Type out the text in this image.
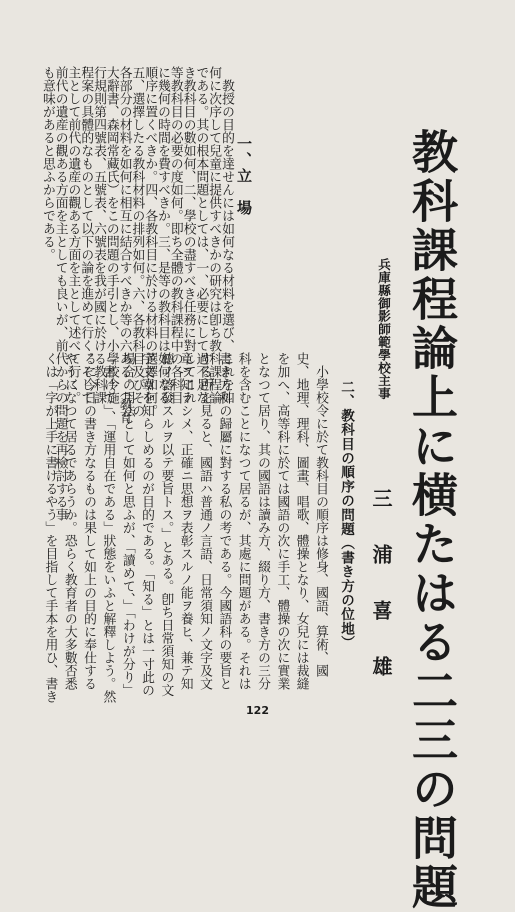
教科課程論上に横たはる二三の問題
兵庫縣御影師範學校主事
三浦喜雄
一、立　場
　教授の目的を達せんには如何なる材料を選び、これを如
何に次序して兒童に提供すべきかの研究は卽ち教科課程論
である。其の根本問題としては、一、必要にして過不足な
き教科目の數如何、二、學校の盡すべき任務に對してこれ
等教科目の必要の度如何。即ち全體の教科課程中の各科目
に幾何の時間を費すべきか。三、是等の教科目は如何なる
順序に置くべきか。四、各教科目に於ける材料の選擇如何。
五、選擇したる教科材料の排列如何。六、各教科目及びその
各部分の材料を如何に相互に結合すべきか等の六ある。（敎育
大辭書、森岡常藏氏）をこの問題の手引とし、小學校令施
行規則第四號表、五號表、六號表を我が國に於ける教科課
程案の具體的なものとして以下の論を進めて行く。そして
主として前代の遺産の觀ある方面を主として述べて行く。
前代の遺産の觀ある方面を主としても良いが、前代からの問題を再檢討する事
も意味があると思ふからである。
二、教科目の順序の問題（書き方の位地）
　小學校令に於て教科目の順序は修身、國語、算術、國
史、地理、理科、圖畫、唱歌、體操となり、女兒には裁縫
を加へ、高等科に於ては國語の次に手工、體操の次に實業
となつて居り、其の國語は讀み方、綴り方、書き方の三分
科を含むことになつて居るが、其處に問題がある。それは
書き方科の歸屬に對する私の考である。今國語科の要旨と
する所を見ると、國語ハ普通ノ言語、日常須知ノ文字及文
章ヲ知ラシメ、正確ニ思想ヲ表彰スルノ能ヲ養ヒ、兼テ知
德ノ啓發スルヲ以テ要旨トス。」とある。卽ち日常須知の文
字文章を知らしめるのが目的である。「知る」とは一寸此の
場合の用法として如何と思ふが、「讀めて、」「わけが分り」
「書けて」、「運用自在である」狀態をいふと解釋しよう。然
るに今日の書き方なるものは果して如上の目的に奉仕する
やうになつて居るであらうか。恐らく教育者の大多數否悉
くは「字が上手に書けるやう」を目指して手本を用ひ、書き
122
